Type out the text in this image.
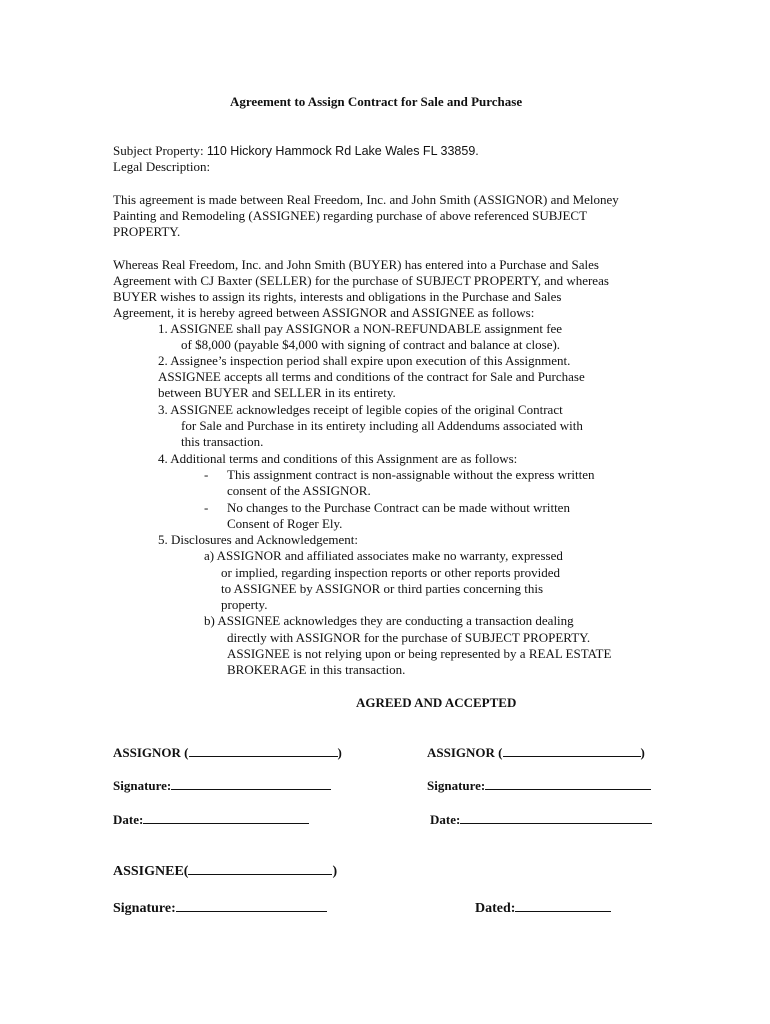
Agreement to Assign Contract for Sale and Purchase
Subject Property: 110 Hickory Hammock Rd Lake Wales FL 33859.
Legal Description:
This agreement is made between Real Freedom, Inc. and John Smith (ASSIGNOR) and Meloney
Painting and Remodeling (ASSIGNEE) regarding purchase of above referenced SUBJECT
PROPERTY.
Whereas Real Freedom, Inc. and John Smith (BUYER) has entered into a Purchase and Sales
Agreement with CJ Baxter (SELLER) for the purchase of SUBJECT PROPERTY, and whereas
BUYER wishes to assign its rights, interests and obligations in the Purchase and Sales
Agreement, it is hereby agreed between ASSIGNOR and ASSIGNEE as follows:
1. ASSIGNEE shall pay ASSIGNOR a NON-REFUNDABLE assignment fee
of $8,000 (payable $4,000 with signing of contract and balance at close).
2. Assignee’s inspection period shall expire upon execution of this Assignment.
ASSIGNEE accepts all terms and conditions of the contract for Sale and Purchase
between BUYER and SELLER in its entirety.
3. ASSIGNEE acknowledges receipt of legible copies of the original Contract
for Sale and Purchase in its entirety including all Addendums associated with
this transaction.
4. Additional terms and conditions of this Assignment are as follows:
- This assignment contract is non-assignable without the express written
consent of the ASSIGNOR.
- No changes to the Purchase Contract can be made without written
Consent of Roger Ely.
5. Disclosures and Acknowledgement:
a) ASSIGNOR and affiliated associates make no warranty, expressed
or implied, regarding inspection reports or other reports provided
to ASSIGNEE by ASSIGNOR or third parties concerning this
property.
b) ASSIGNEE acknowledges they are conducting a transaction dealing
directly with ASSIGNOR for the purchase of SUBJECT PROPERTY.
ASSIGNEE is not relying upon or being represented by a REAL ESTATE
BROKERAGE in this transaction.
AGREED AND ACCEPTED
ASSIGNOR (	)	ASSIGNOR (	)
Signature:	Signature:
Date:	Date:
ASSIGNEE(	)
Signature:	Dated:
